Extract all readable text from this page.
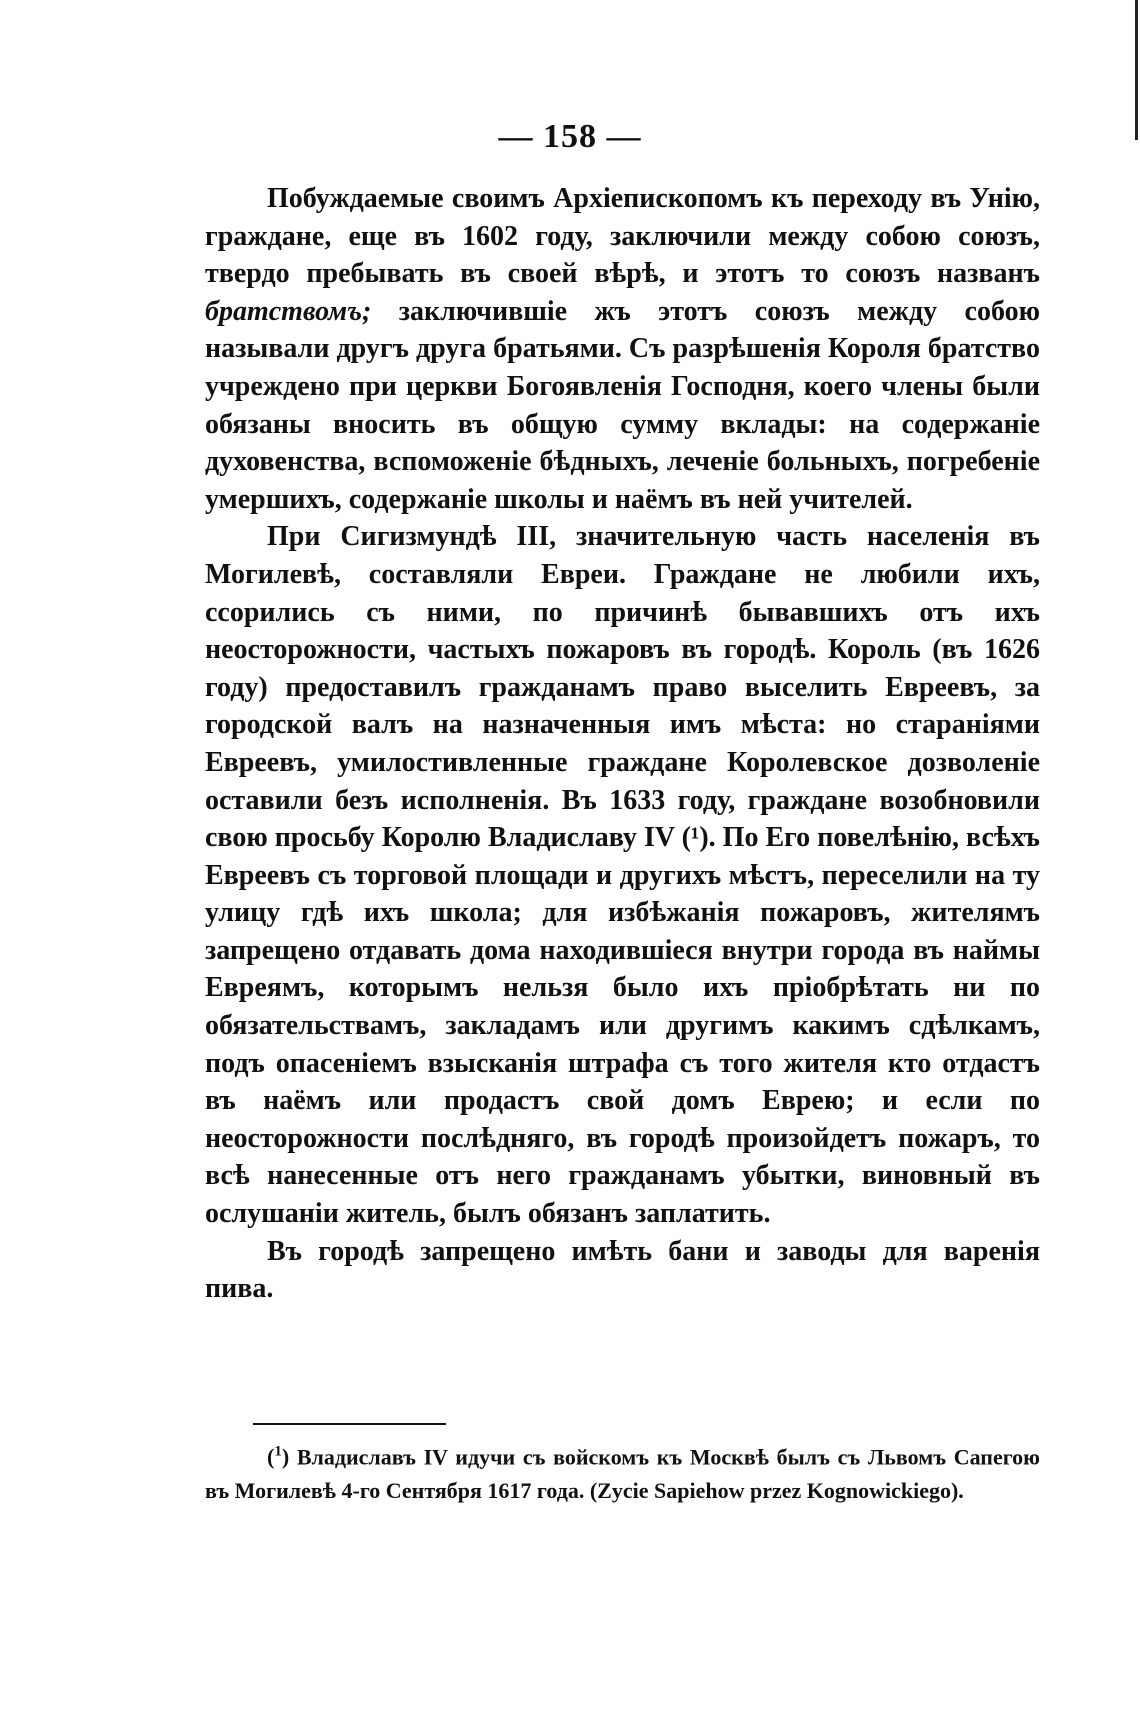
— 158 —

Побуждаемые своимъ Архіепископомъ къ переходу въ Унію, граждане, еще въ 1602 году, заключили между собою союзъ, твердо пребывать въ своей вѣрѣ, и этотъ то союзъ названъ братствомъ; заключившіе жъ этотъ союзъ между собою называли другъ друга братьями. Съ разрѣшенія Короля братство учреждено при церкви Богоявленія Господня, коего члены были обязаны вносить въ общую сумму вклады: на содержаніе духовенства, вспоможеніе бѣдныхъ, леченіе больныхъ, погребеніе умершихъ, содержаніе школы и наёмъ въ ней учителей.

При Сигизмундѣ III, значительную часть населенія въ Могилевѣ, составляли Евреи. Граждане не любили ихъ, ссорились съ ними, по причинѣ бывавшихъ отъ ихъ неосторожности, частыхъ пожаровъ въ городѣ. Король (въ 1626 году) предоставилъ гражданамъ право выселить Евреевъ, за городской валъ на назначенныя имъ мѣста: но стараніями Евреевъ, умилостивленные граждане Королевское дозволеніе оставили безъ исполненія. Въ 1633 году, граждане возобновили свою просьбу Королю Владиславу IV (¹). По Его повелѣнію, всѣхъ Евреевъ съ торговой площади и другихъ мѣстъ, переселили на ту улицу гдѣ ихъ школа; для избѣжанія пожаровъ, жителямъ запрещено отдавать дома находившіеся внутри города въ наймы Евреямъ, которымъ нельзя было ихъ пріобрѣтать ни по обязательствамъ, закладамъ или другимъ какимъ сдѣлкамъ, подъ опасеніемъ взысканія штрафа съ того жителя кто отдастъ въ наёмъ или продастъ свой домъ Еврею; и если по неосторожности послѣдняго, въ городѣ произойдетъ пожаръ, то всѣ нанесенные отъ него гражданамъ убытки, виновный въ ослушаніи житель, былъ обязанъ заплатить.

Въ городѣ запрещено имѣть бани и заводы для варенія пива.

($^1$) Владиславъ IV идучи съ войскомъ къ Москвѣ былъ съ Львомъ Сапегою въ Могилевѣ 4-го Сентября 1617 года. (Zycie Sapiehow przez Kognowickiego).
